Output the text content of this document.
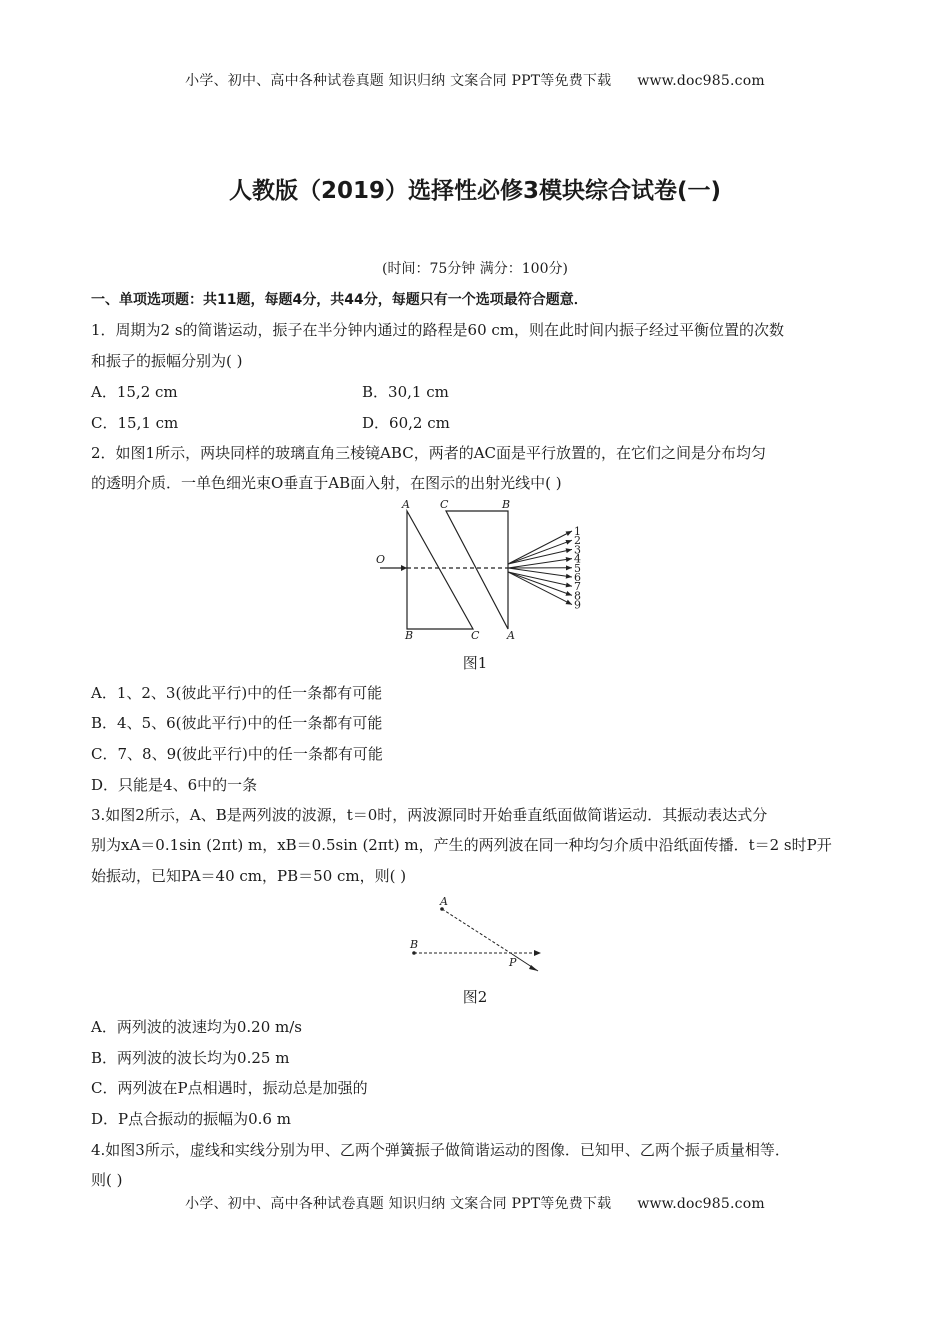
小学、初中、高中各种试卷真题 知识归纳 文案合同 PPT等免费下载 www.doc985.com
人教版（2019）选择性必修3模块综合试卷(一)
(时间：75分钟 满分：100分)
一、单项选项题：共11题，每题4分，共44分，每题只有一个选项最符合题意．
1．周期为2 s的简谐运动，振子在半分钟内通过的路程是60 cm，则在此时间内振子经过平衡位置的次数
和振子的振幅分别为( )
A．15,2 cm	B．30,1 cm
C．15,1 cm	D．60,2 cm
2．如图1所示，两块同样的玻璃直角三棱镜ABC，两者的AC面是平行放置的，在它们之间是分布均匀
的透明介质．一单色细光束O垂直于AB面入射，在图示的出射光线中( )
A	C	B
O
B	C	A
1
2
3
4
5
6
7
8
9
图1
A．1、2、3(彼此平行)中的任一条都有可能
B．4、5、6(彼此平行)中的任一条都有可能
C．7、8、9(彼此平行)中的任一条都有可能
D．只能是4、6中的一条
3.如图2所示，A、B是两列波的波源，t＝0时，两波源同时开始垂直纸面做简谐运动．其振动表达式分
别为xA＝0.1sin (2πt) m，xB＝0.5sin (2πt) m，产生的两列波在同一种均匀介质中沿纸面传播．t＝2 s时P开
始振动，已知PA＝40 cm，PB＝50 cm，则( )
A
B
P
图2
A．两列波的波速均为0.20 m/s
B．两列波的波长均为0.25 m
C．两列波在P点相遇时，振动总是加强的
D．P点合振动的振幅为0.6 m
4.如图3所示，虚线和实线分别为甲、乙两个弹簧振子做简谐运动的图像．已知甲、乙两个振子质量相等．
则( )
小学、初中、高中各种试卷真题 知识归纳 文案合同 PPT等免费下载 www.doc985.com
